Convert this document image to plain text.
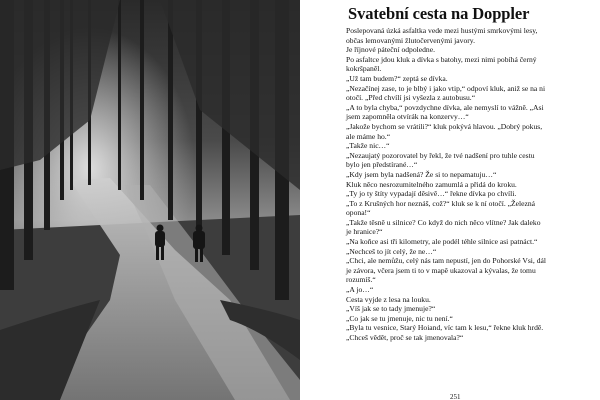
Svatební cesta na Doppler

Poslepovaná úzká asfaltka vede mezi hustými smrkovými lesy,

občas lemovanými žlutočervenými javory.

Je říjnové páteční odpoledne.

Po asfaltce jdou kluk a dívka s batohy, mezi nimi pobíhá černý

kokršpaněl.

„Už tam budem?“ zeptá se dívka.

„Nezačínej zase, to je blbý i jako vtip,“ odpoví kluk, aniž se na ni

otočí. „Před chvílí jsi vyšezla z autobusu.“

„A to byla chyba,“ povzdychne dívka, ale nemyslí to vážně. „Asi

jsem zapomněla otvírák na konzervy…“

„Jakože bychom se vrátili?“ kluk pokývá hlavou. „Dobrý pokus,

ale máme ho.“

„Takže nic…“

„Nezaujatý pozorovatel by řekl, že tvé nadšení pro tuhle cestu

bylo jen předstírané…“

„Kdy jsem byla nadšená? Že si to nepamatuju…“

Kluk něco nesrozumitelného zamumlá a přidá do kroku.

„Ty jo ty štíty vypadají děsivě…“ řekne dívka po chvíli.

„To z Krušných hor neznáš, což?“ kluk se k ní otočí. „Železná

opona!“

„Takže těsně u silnice? Co když do nich něco vlítne? Jak daleko

je hranice?“

„Na koňce asi tři kilometry, ale podél téhle silnice asi patnáct.“

„Nechceš to jít celý, že ne…“

„Chci, ale nemůžu, celý nás tam nepustí, jen do Pohorské Vsi, dál

je závora, včera jsem ti to v mapě ukazoval a kývalas, že tomu

rozumíš.“

„A jo…“

Cesta vyjde z lesa na louku.

„Víš jak se to tady jmenuje?“

„Co jak se tu jmenuje, nic tu není.“

„Byla tu vesnice, Starý Hoiand, víc tam k lesu,“ řekne kluk hrdě.

„Chceš vědět, proč se tak jmenovala?“

251
